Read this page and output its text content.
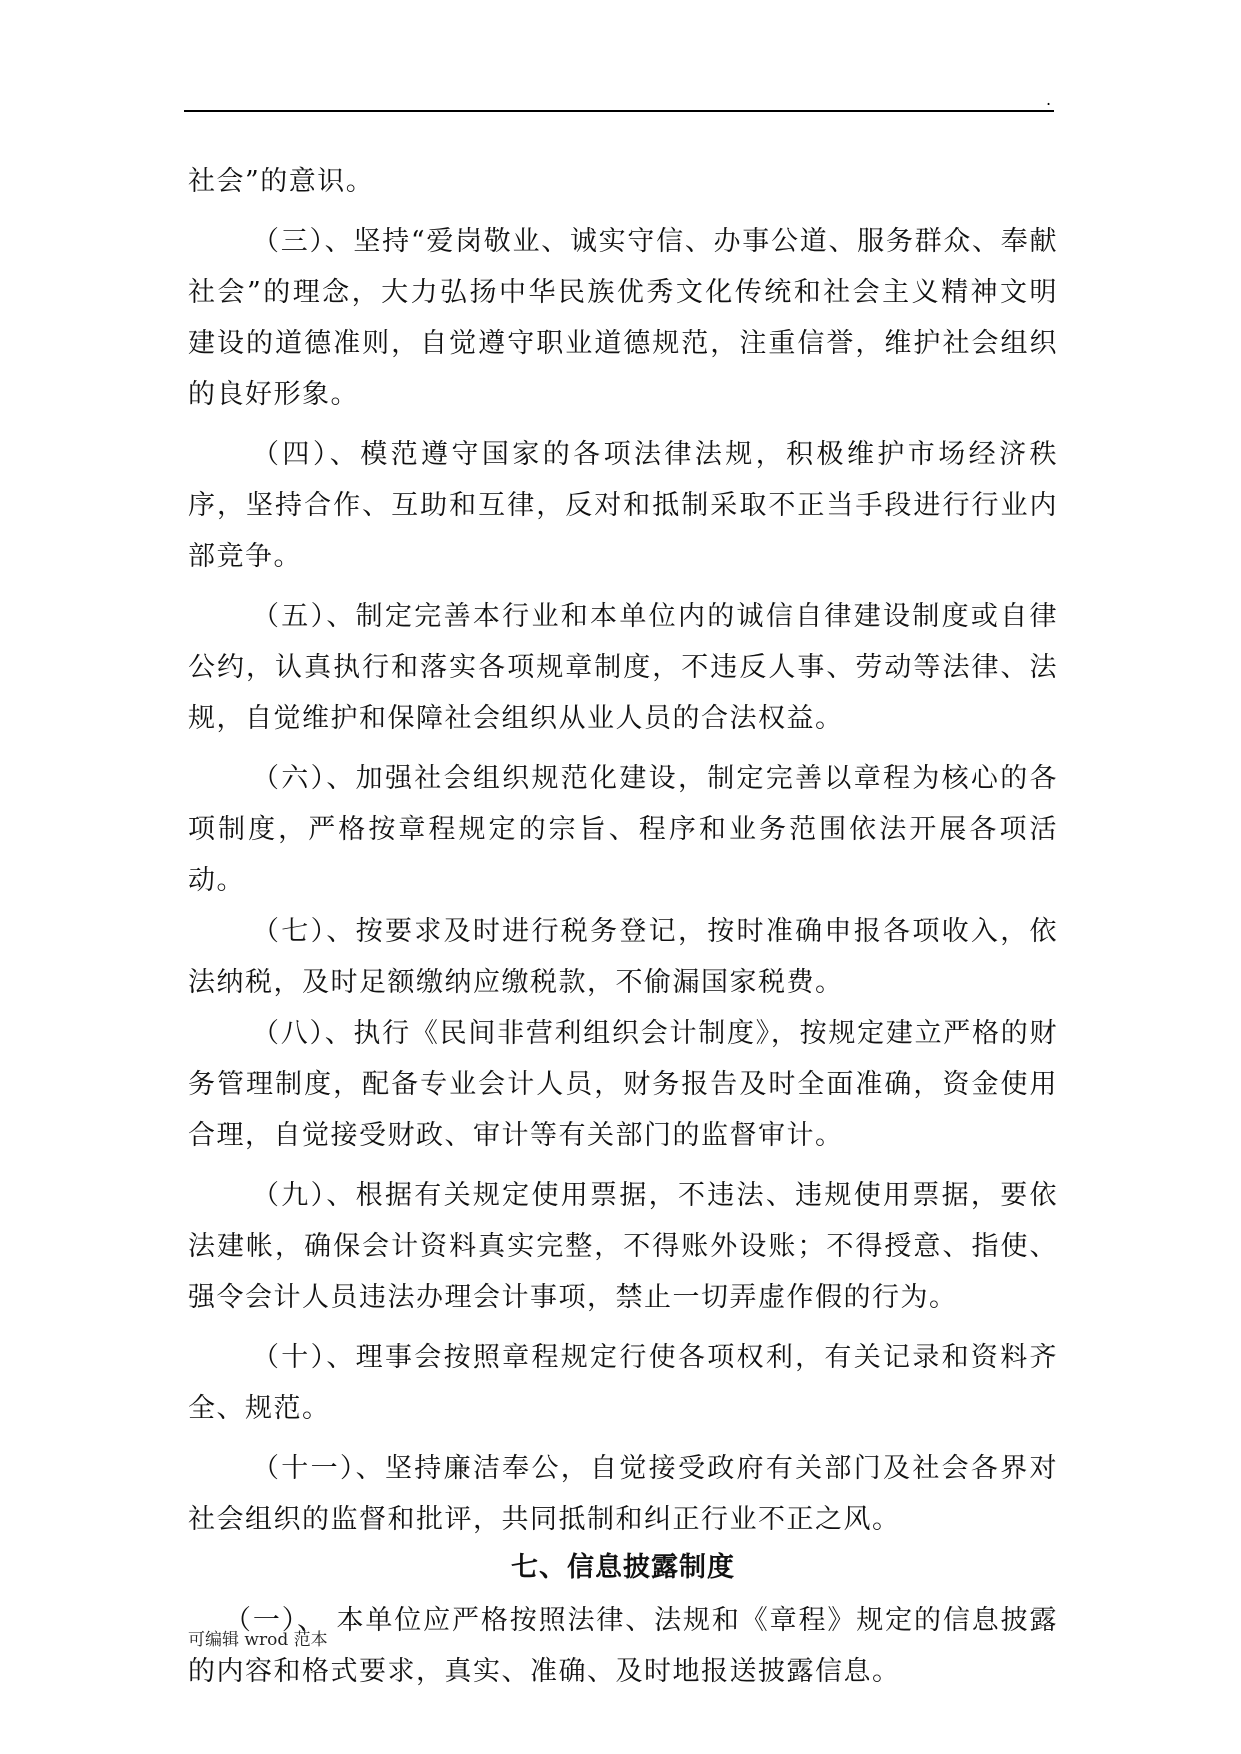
.

社会”的意识。

（三）、坚持“爱岗敬业、诚实守信、办事公道、服务群众、奉献社会”的理念，大力弘扬中华民族优秀文化传统和社会主义精神文明建设的道德准则，自觉遵守职业道德规范，注重信誉，维护社会组织的良好形象。

（四）、模范遵守国家的各项法律法规，积极维护市场经济秩序，坚持合作、互助和互律，反对和抵制采取不正当手段进行行业内部竞争。

（五）、制定完善本行业和本单位内的诚信自律建设制度或自律公约，认真执行和落实各项规章制度，不违反人事、劳动等法律、法规，自觉维护和保障社会组织从业人员的合法权益。

（六）、加强社会组织规范化建设，制定完善以章程为核心的各项制度，严格按章程规定的宗旨、程序和业务范围依法开展各项活动。

（七）、按要求及时进行税务登记，按时准确申报各项收入，依法纳税，及时足额缴纳应缴税款，不偷漏国家税费。

（八）、执行《民间非营利组织会计制度》，按规定建立严格的财务管理制度，配备专业会计人员，财务报告及时全面准确，资金使用合理，自觉接受财政、审计等有关部门的监督审计。

（九）、根据有关规定使用票据，不违法、违规使用票据，要依法建帐，确保会计资料真实完整，不得账外设账；不得授意、指使、强令会计人员违法办理会计事项，禁止一切弄虚作假的行为。

（十）、理事会按照章程规定行使各项权利，有关记录和资料齐全、规范。

（十一）、坚持廉洁奉公，自觉接受政府有关部门及社会各界对社会组织的监督和批评，共同抵制和纠正行业不正之风。

七、信息披露制度

（一）、 本单位应严格按照法律、法规和《章程》规定的信息披露的内容和格式要求，真实、准确、及时地报送披露信息。

可编辑 wrod 范本
